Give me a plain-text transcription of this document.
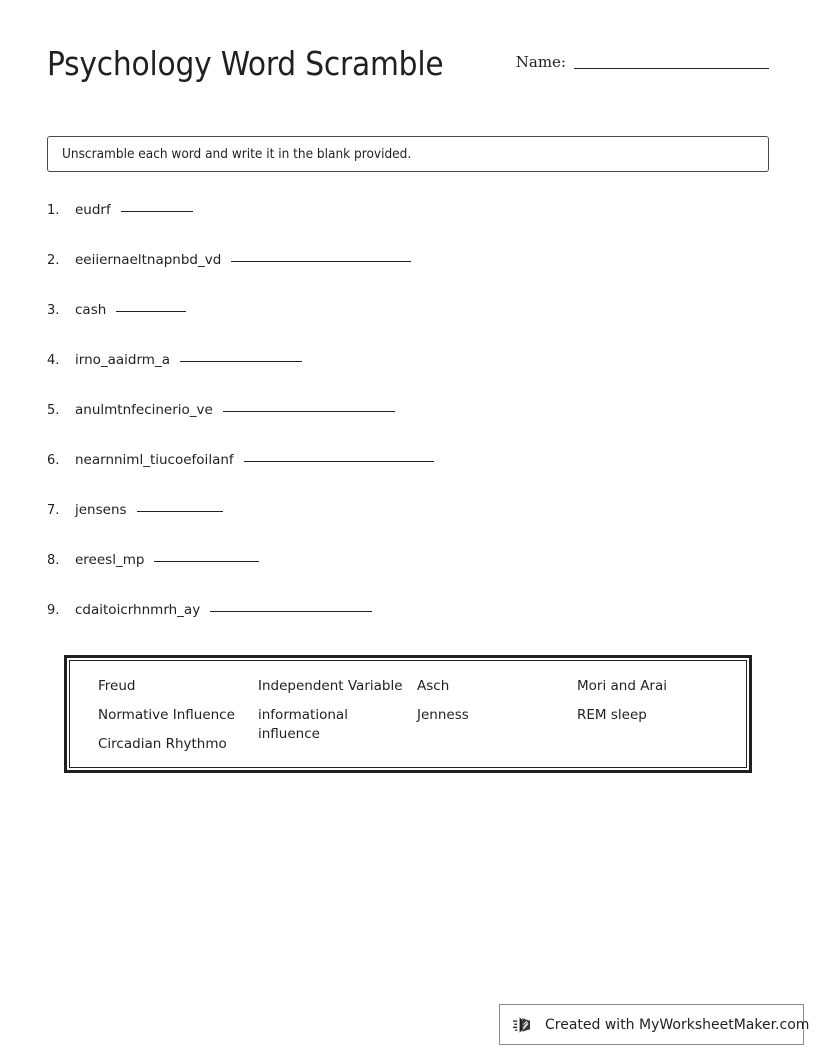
Psychology Word Scramble	Name:
Unscramble each word and write it in the blank provided.
1.	eudrf
2.	eeiiernaeltnapnbd_vd
3.	cash
4.	irno_aaidrm_a
5.	anulmtnfecinerio_ve
6.	nearnniml_tiucoefoilanf
7.	jensens
8.	ereesl_mp
9.	cdaitoicrhnmrh_ay
Freud
Normative Influence
Circadian Rhythmo
Independent Variable
informational influence
Asch
Jenness
Mori and Arai
REM sleep
Created with MyWorksheetMaker.com
